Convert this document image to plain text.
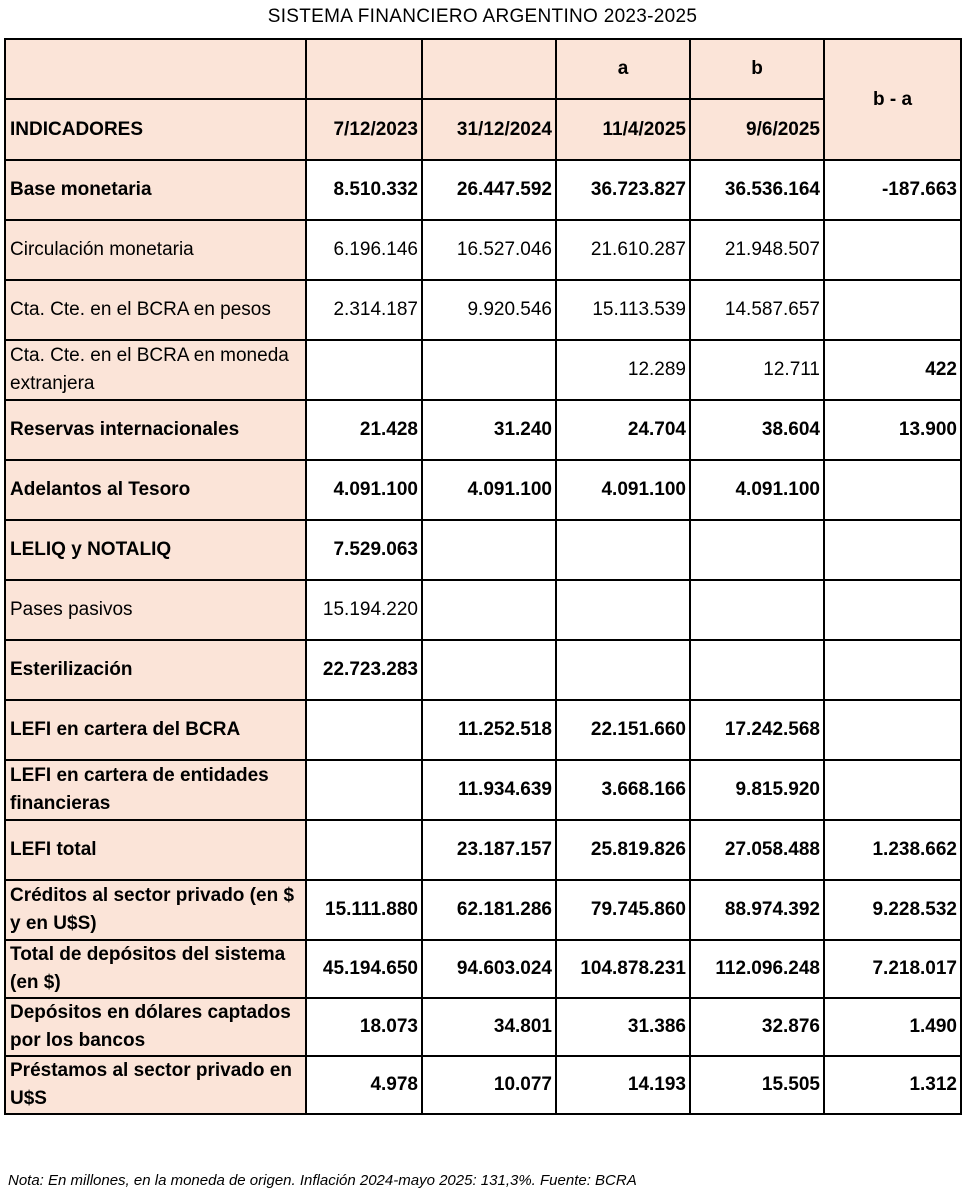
SISTEMA FINANCIERO ARGENTINO 2023-2025
			a	b	b - a
INDICADORES	7/12/2023	31/12/2024	11/4/2025	9/6/2025	
Base monetaria	8.510.332	26.447.592	36.723.827	36.536.164	-187.663
Circulación monetaria	6.196.146	16.527.046	21.610.287	21.948.507	
Cta. Cte. en el BCRA en pesos	2.314.187	9.920.546	15.113.539	14.587.657	
Cta. Cte. en el BCRA en moneda extranjera			12.289	12.711	422
Reservas internacionales	21.428	31.240	24.704	38.604	13.900
Adelantos al Tesoro	4.091.100	4.091.100	4.091.100	4.091.100	
LELIQ y NOTALIQ	7.529.063				
Pases pasivos	15.194.220				
Esterilización	22.723.283				
LEFI en cartera del BCRA		11.252.518	22.151.660	17.242.568	
LEFI en cartera de entidades financieras		11.934.639	3.668.166	9.815.920	
LEFI total		23.187.157	25.819.826	27.058.488	1.238.662
Créditos al sector privado (en $ y en U$S)	15.111.880	62.181.286	79.745.860	88.974.392	9.228.532
Total de depósitos del sistema (en $)	45.194.650	94.603.024	104.878.231	112.096.248	7.218.017
Depósitos en dólares captados por los bancos	18.073	34.801	31.386	32.876	1.490
Préstamos al sector privado en U$S	4.978	10.077	14.193	15.505	1.312
Nota: En millones, en la moneda de origen. Inflación 2024-mayo 2025: 131,3%. Fuente: BCRA
